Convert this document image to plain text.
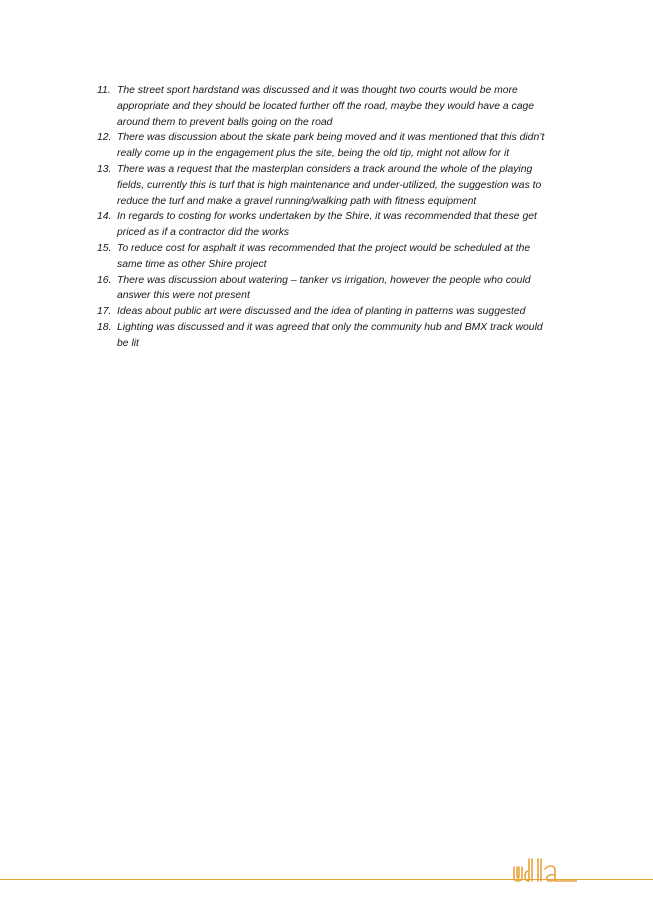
11. The street sport hardstand was discussed and it was thought two courts would be more
appropriate and they should be located further off the road, maybe they would have a cage
around them to prevent balls going on the road
12. There was discussion about the skate park being moved and it was mentioned that this didn’t
really come up in the engagement plus the site, being the old tip, might not allow for it
13. There was a request that the masterplan considers a track around the whole of the playing
fields, currently this is turf that is high maintenance and under-utilized, the suggestion was to
reduce the turf and make a gravel running/walking path with fitness equipment
14. In regards to costing for works undertaken by the Shire, it was recommended that these get
priced as if a contractor did the works
15. To reduce cost for asphalt it was recommended that the project would be scheduled at the
same time as other Shire project
16. There was discussion about watering – tanker vs irrigation, however the people who could
answer this were not present
17. Ideas about public art were discussed and the idea of planting in patterns was suggested
18. Lighting was discussed and it was agreed that only the community hub and BMX track would
be lit
